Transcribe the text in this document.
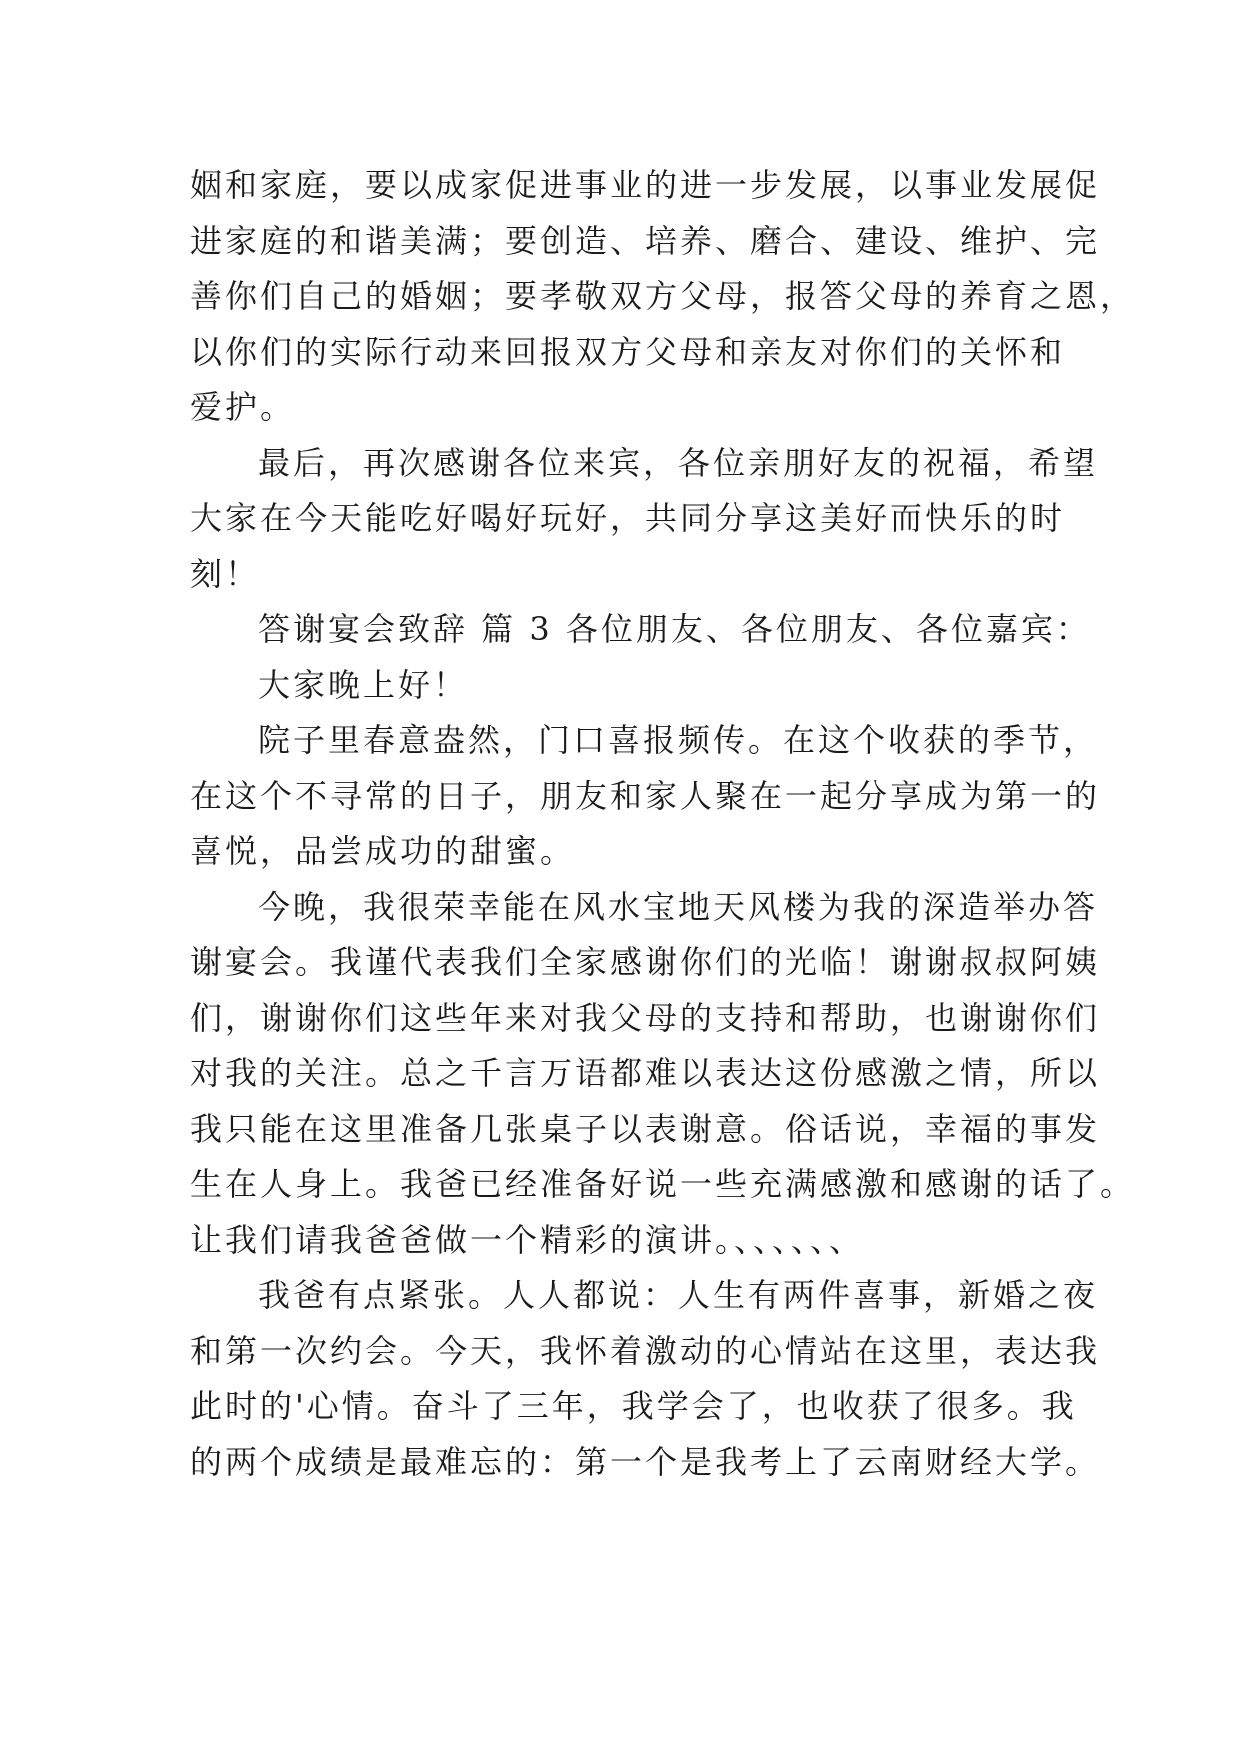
姻和家庭，要以成家促进事业的进一步发展，以事业发展促
进家庭的和谐美满；要创造、培养、磨合、建设、维护、完
善你们自己的婚姻；要孝敬双方父母，报答父母的养育之恩，
以你们的实际行动来回报双方父母和亲友对你们的关怀和
爱护。
最后，再次感谢各位来宾，各位亲朋好友的祝福，希望
大家在今天能吃好喝好玩好，共同分享这美好而快乐的时
刻！
答谢宴会致辞 篇 3 各位朋友、各位朋友、各位嘉宾：
大家晚上好！
院子里春意盎然，门口喜报频传。在这个收获的季节，
在这个不寻常的日子，朋友和家人聚在一起分享成为第一的
喜悦，品尝成功的甜蜜。
今晚，我很荣幸能在风水宝地天风楼为我的深造举办答
谢宴会。我谨代表我们全家感谢你们的光临！谢谢叔叔阿姨
们，谢谢你们这些年来对我父母的支持和帮助，也谢谢你们
对我的关注。总之千言万语都难以表达这份感激之情，所以
我只能在这里准备几张桌子以表谢意。俗话说，幸福的事发
生在人身上。我爸已经准备好说一些充满感激和感谢的话了。
让我们请我爸爸做一个精彩的演讲。、、、、、、
我爸有点紧张。人人都说：人生有两件喜事，新婚之夜
和第一次约会。今天，我怀着激动的心情站在这里，表达我
此时的'心情。奋斗了三年，我学会了，也收获了很多。我
的两个成绩是最难忘的：第一个是我考上了云南财经大学。
